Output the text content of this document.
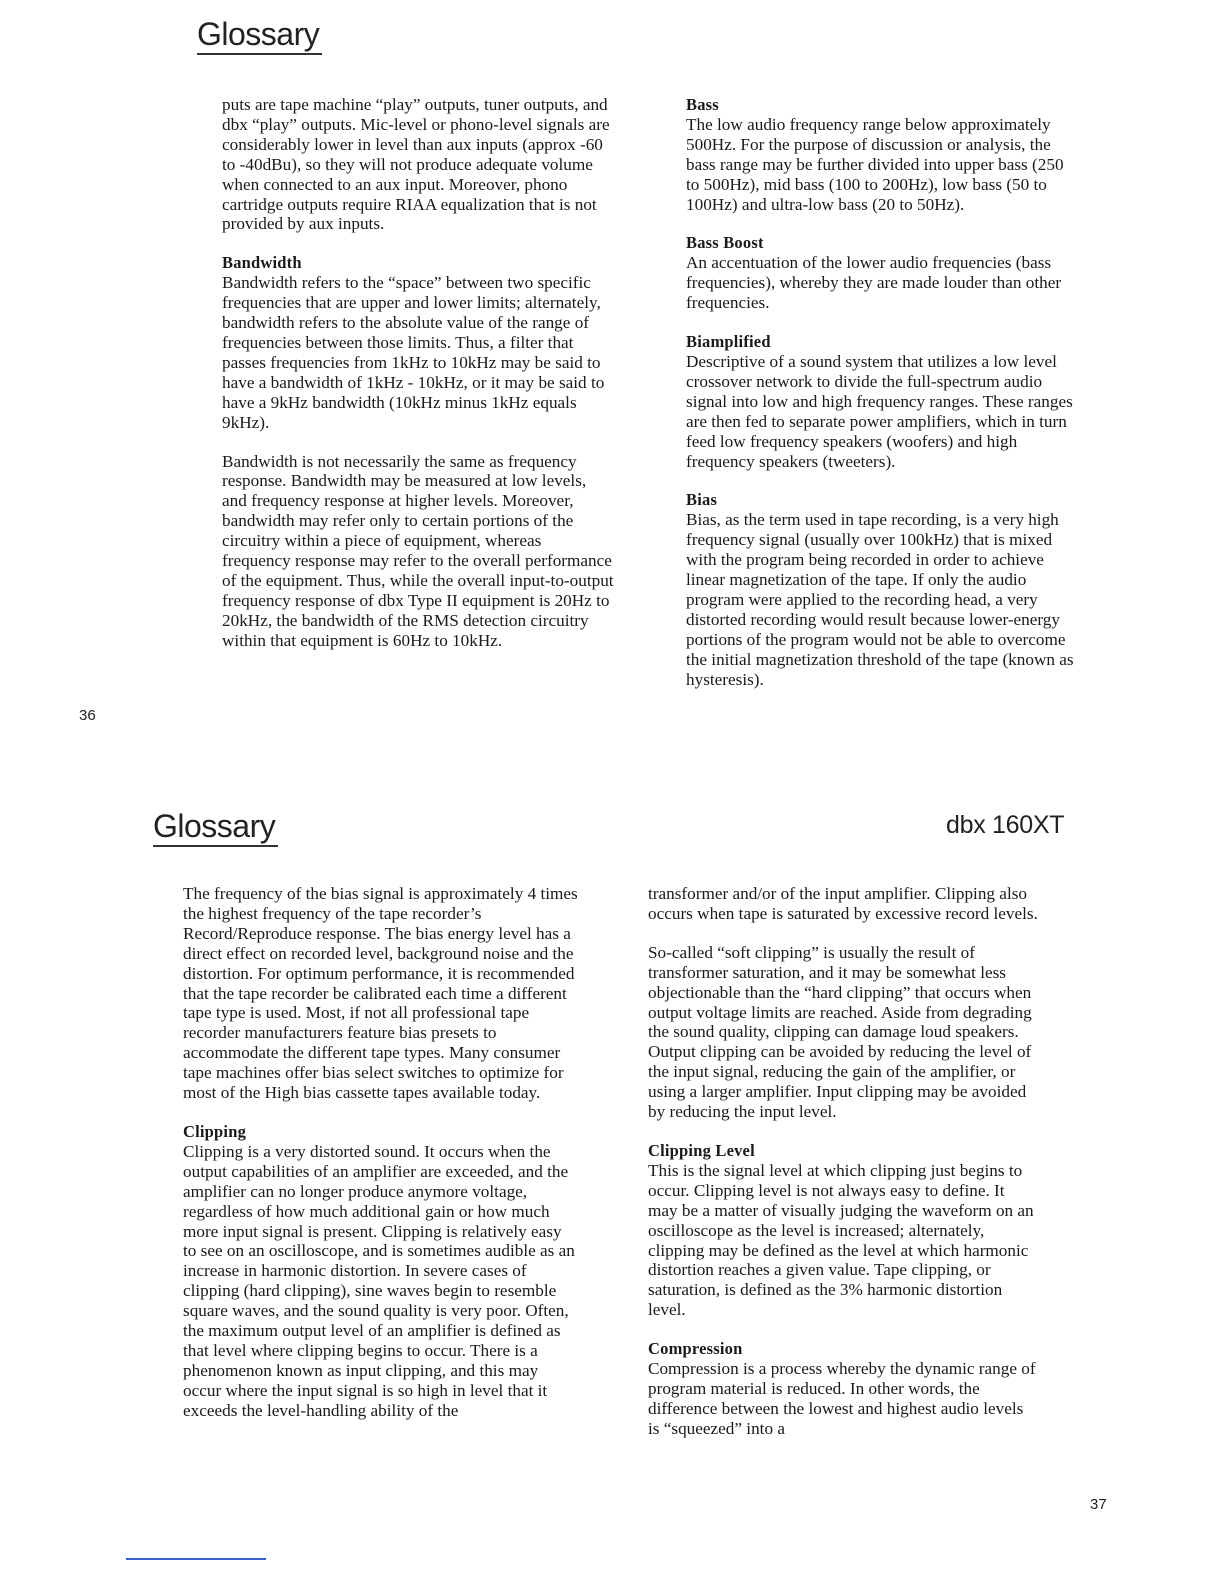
Glossary

puts are tape machine “play” outputs, tuner outputs, and dbx “play” outputs. Mic-level or phono-level signals are considerably lower in level than aux inputs (approx -60 to -40dBu), so they will not produce adequate volume when connected to an aux input. Moreover, phono cartridge outputs require RIAA equalization that is not provided by aux inputs.

Bandwidth
Bandwidth refers to the “space” between two specific frequencies that are upper and lower limits; alternately, bandwidth refers to the absolute value of the range of frequencies between those limits. Thus, a filter that passes frequencies from 1kHz to 10kHz may be said to have a bandwidth of 1kHz - 10kHz, or it may be said to have a 9kHz bandwidth (10kHz minus 1kHz equals 9kHz).

Bandwidth is not necessarily the same as frequency response. Bandwidth may be measured at low levels, and frequency response at higher levels. Moreover, bandwidth may refer only to certain portions of the circuitry within a piece of equipment, whereas frequency response may refer to the overall performance of the equipment. Thus, while the overall input-to-output frequency response of dbx Type II equipment is 20Hz to 20kHz, the bandwidth of the RMS detection circuitry within that equipment is 60Hz to 10kHz.

Bass
The low audio frequency range below approximately 500Hz. For the purpose of discussion or analysis, the bass range may be further divided into upper bass (250 to 500Hz), mid bass (100 to 200Hz), low bass (50 to 100Hz) and ultra-low bass (20 to 50Hz).

Bass Boost
An accentuation of the lower audio frequencies (bass frequencies), whereby they are made louder than other frequencies.

Biamplified
Descriptive of a sound system that utilizes a low level crossover network to divide the full-spectrum audio signal into low and high frequency ranges. These ranges are then fed to separate power amplifiers, which in turn feed low frequency speakers (woofers) and high frequency speakers (tweeters).

Bias
Bias, as the term used in tape recording, is a very high frequency signal (usually over 100kHz) that is mixed with the program being recorded in order to achieve linear magnetization of the tape. If only the audio program were applied to the recording head, a very distorted recording would result because lower-energy portions of the program would not be able to overcome the initial magnetization threshold of the tape (known as hysteresis).

36
Glossary	dbx 160XT

The frequency of the bias signal is approximately 4 times the highest frequency of the tape recorder’s Record/Reproduce response. The bias energy level has a direct effect on recorded level, background noise and the distortion. For optimum performance, it is recommended that the tape recorder be calibrated each time a different tape type is used. Most, if not all professional tape recorder manufacturers feature bias presets to accommodate the different tape types. Many consumer tape machines offer bias select switches to optimize for most of the High bias cassette tapes available today.

Clipping
Clipping is a very distorted sound. It occurs when the output capabilities of an amplifier are exceeded, and the amplifier can no longer produce anymore voltage, regardless of how much additional gain or how much more input signal is present. Clipping is relatively easy to see on an oscilloscope, and is sometimes audible as an increase in harmonic distortion. In severe cases of clipping (hard clipping), sine waves begin to resemble square waves, and the sound quality is very poor. Often, the maximum output level of an amplifier is defined as that level where clipping begins to occur. There is a phenomenon known as input clipping, and this may occur where the input signal is so high in level that it exceeds the level-handling ability of the

transformer and/or of the input amplifier. Clipping also occurs when tape is saturated by excessive record levels.

So-called “soft clipping” is usually the result of transformer saturation, and it may be somewhat less objectionable than the “hard clipping” that occurs when output voltage limits are reached. Aside from degrading the sound quality, clipping can damage loud speakers. Output clipping can be avoided by reducing the level of the input signal, reducing the gain of the amplifier, or using a larger amplifier. Input clipping may be avoided by reducing the input level.

Clipping Level
This is the signal level at which clipping just begins to occur. Clipping level is not always easy to define. It may be a matter of visually judging the waveform on an oscilloscope as the level is increased; alternately, clipping may be defined as the level at which harmonic distortion reaches a given value. Tape clipping, or saturation, is defined as the 3% harmonic distortion level.

Compression
Compression is a process whereby the dynamic range of program material is reduced. In other words, the difference between the lowest and highest audio levels is “squeezed” into a

37
